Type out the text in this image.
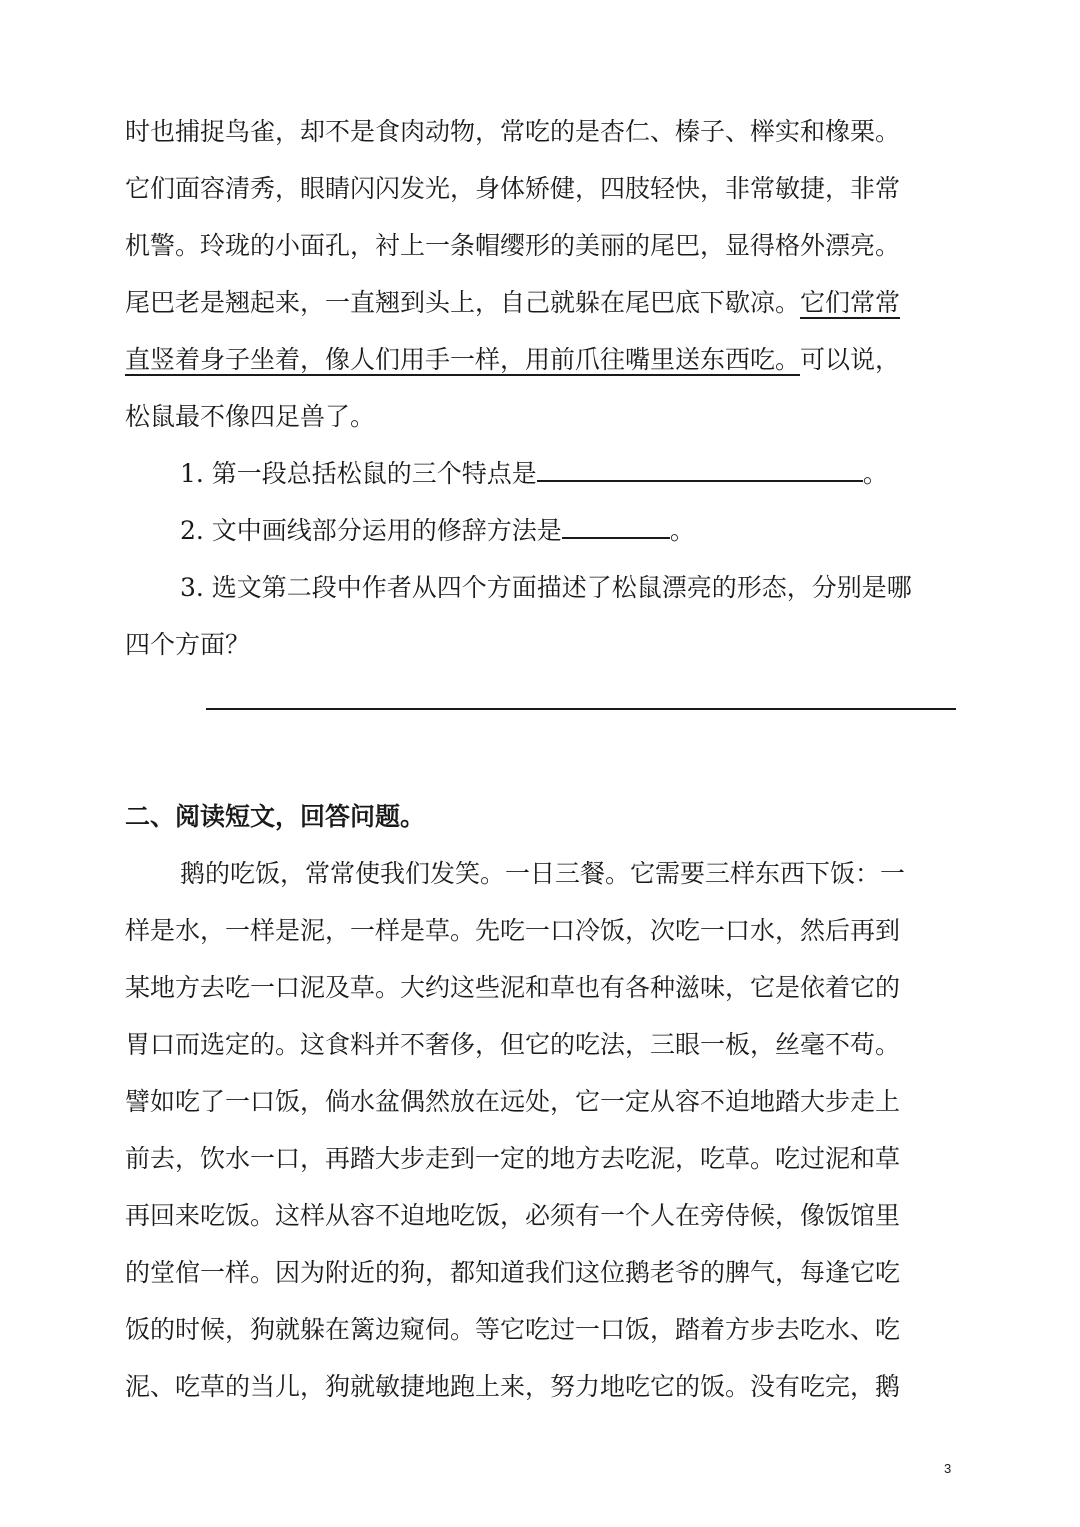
时也捕捉鸟雀，却不是食肉动物，常吃的是杏仁、榛子、榉实和橡栗。
它们面容清秀，眼睛闪闪发光，身体矫健，四肢轻快，非常敏捷，非常
机警。玲珑的小面孔，衬上一条帽缨形的美丽的尾巴，显得格外漂亮。
尾巴老是翘起来，一直翘到头上，自己就躲在尾巴底下歇凉。它们常常
直竖着身子坐着，像人们用手一样，用前爪往嘴里送东西吃。可以说，
松鼠最不像四足兽了。
1. 第一段总括松鼠的三个特点是	。
2. 文中画线部分运用的修辞方法是	。
3. 选文第二段中作者从四个方面描述了松鼠漂亮的形态，分别是哪
四个方面？
二、阅读短文，回答问题。
鹅的吃饭，常常使我们发笑。一日三餐。它需要三样东西下饭：一
样是水，一样是泥，一样是草。先吃一口冷饭，次吃一口水，然后再到
某地方去吃一口泥及草。大约这些泥和草也有各种滋味，它是依着它的
胃口而选定的。这食料并不奢侈，但它的吃法，三眼一板，丝毫不苟。
譬如吃了一口饭，倘水盆偶然放在远处，它一定从容不迫地踏大步走上
前去，饮水一口，再踏大步走到一定的地方去吃泥，吃草。吃过泥和草
再回来吃饭。这样从容不迫地吃饭，必须有一个人在旁侍候，像饭馆里
的堂倌一样。因为附近的狗，都知道我们这位鹅老爷的脾气，每逢它吃
饭的时候，狗就躲在篱边窥伺。等它吃过一口饭，踏着方步去吃水、吃
泥、吃草的当儿，狗就敏捷地跑上来，努力地吃它的饭。没有吃完，鹅
3
